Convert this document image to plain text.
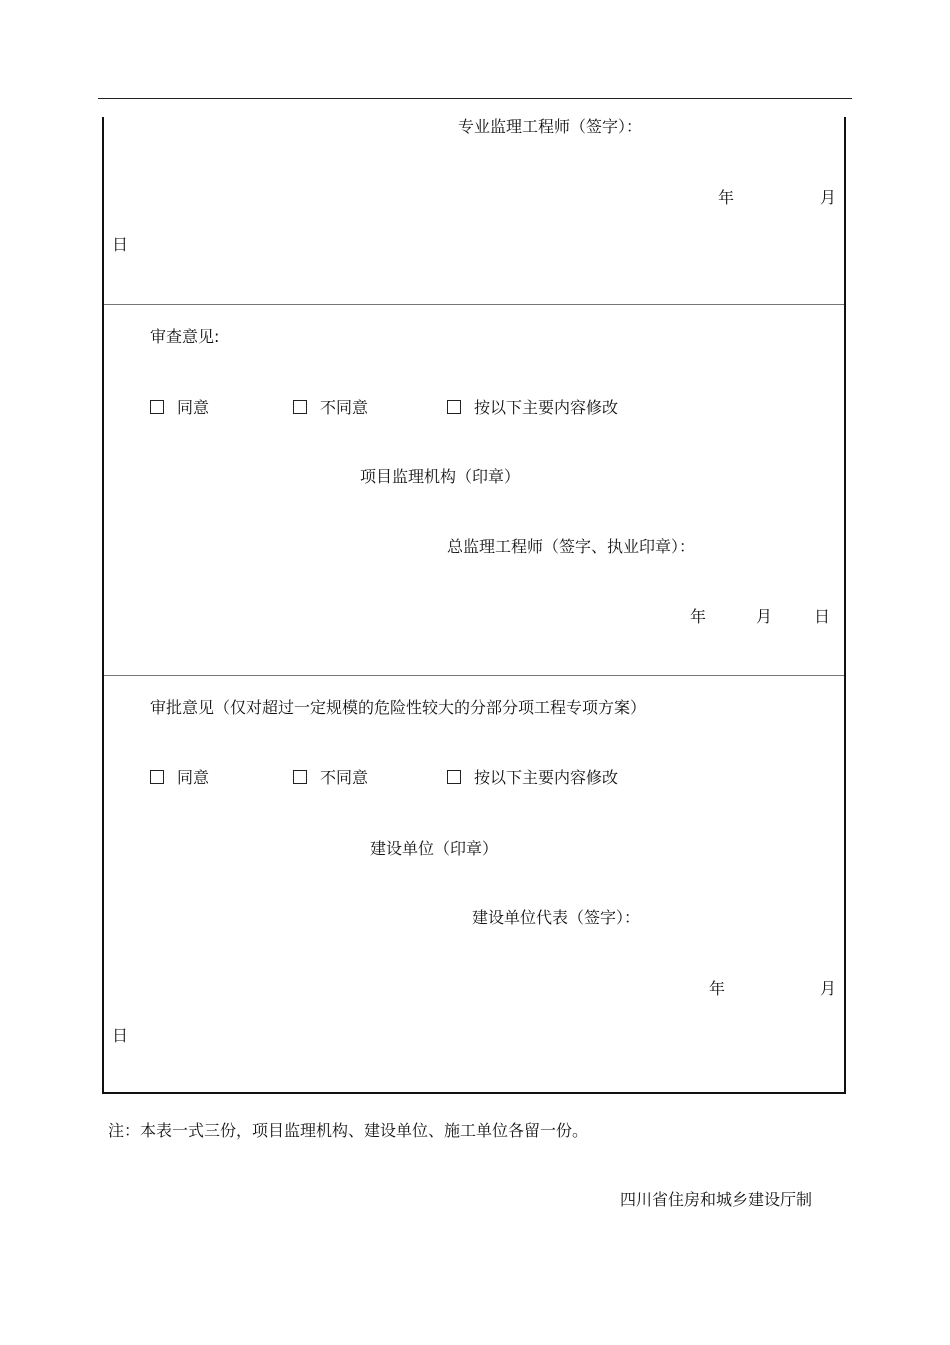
专业监理工程师（签字）：
年	月
日
审查意见:
同意	不同意	按以下主要内容修改
项目监理机构（印章）
总监理工程师（签字、执业印章）：
年	月	日
审批意见（仅对超过一定规模的危险性较大的分部分项工程专项方案）
同意	不同意	按以下主要内容修改
建设单位（印章）
建设单位代表（签字）：
年	月
日
注：本表一式三份，项目监理机构、建设单位、施工单位各留一份。
四川省住房和城乡建设厅制
